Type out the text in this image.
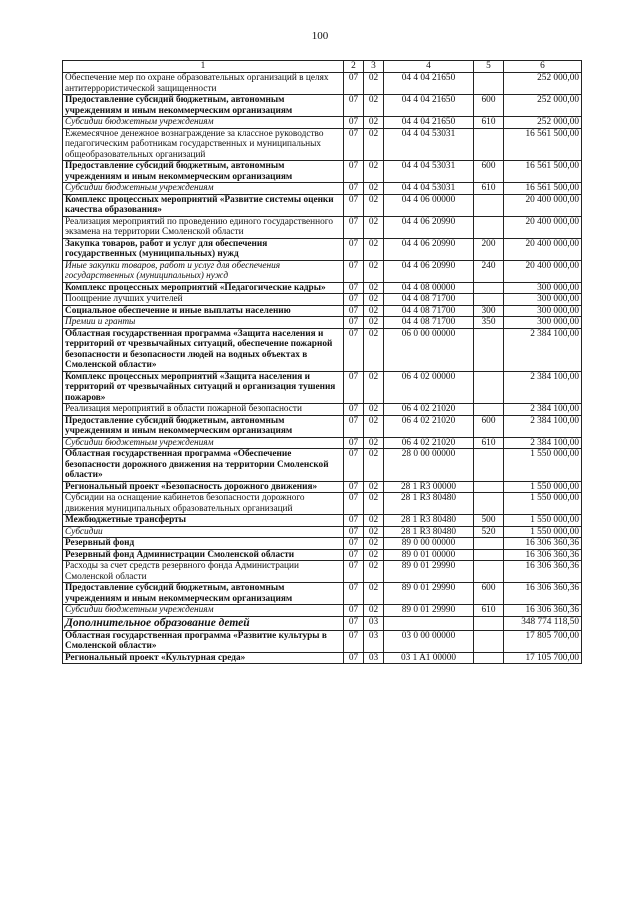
100
1	2	3	4	5	6
Обеспечение мер по охране образовательных организаций в целях антитеррористической защищенности	07	02	04 4 04 21650		252 000,00
Предоставление субсидий бюджетным, автономным учреждениям и иным некоммерческим организациям	07	02	04 4 04 21650	600	252 000,00
Субсидии бюджетным учреждениям	07	02	04 4 04 21650	610	252 000,00
Ежемесячное денежное вознаграждение за классное руководство педагогическим работникам государственных и муниципальных общеобразовательных организаций	07	02	04 4 04 53031		16 561 500,00
Предоставление субсидий бюджетным, автономным учреждениям и иным некоммерческим организациям	07	02	04 4 04 53031	600	16 561 500,00
Субсидии бюджетным учреждениям	07	02	04 4 04 53031	610	16 561 500,00
Комплекс процессных мероприятий «Развитие системы оценки качества образования»	07	02	04 4 06 00000		20 400 000,00
Реализация мероприятий по проведению единого государственного экзамена на территории Смоленской области	07	02	04 4 06 20990		20 400 000,00
Закупка товаров, работ и услуг для обеспечения государственных (муниципальных) нужд	07	02	04 4 06 20990	200	20 400 000,00
Иные закупки товаров, работ и услуг для обеспечения государственных (муниципальных) нужд	07	02	04 4 06 20990	240	20 400 000,00
Комплекс процессных мероприятий «Педагогические кадры»	07	02	04 4 08 00000		300 000,00
Поощрение лучших учителей	07	02	04 4 08 71700		300 000,00
Социальное обеспечение и иные выплаты населению	07	02	04 4 08 71700	300	300 000,00
Премии и гранты	07	02	04 4 08 71700	350	300 000,00
Областная государственная программа «Защита населения и территорий от чрезвычайных ситуаций, обеспечение пожарной безопасности и безопасности людей на водных объектах в Смоленской области»	07	02	06 0 00 00000		2 384 100,00
Комплекс процессных мероприятий «Защита населения и территорий от чрезвычайных ситуаций и организация тушения пожаров»	07	02	06 4 02 00000		2 384 100,00
Реализация мероприятий в области пожарной безопасности	07	02	06 4 02 21020		2 384 100,00
Предоставление субсидий бюджетным, автономным учреждениям и иным некоммерческим организациям	07	02	06 4 02 21020	600	2 384 100,00
Субсидии бюджетным учреждениям	07	02	06 4 02 21020	610	2 384 100,00
Областная государственная программа «Обеспечение безопасности дорожного движения на территории Смоленской области»	07	02	28 0 00 00000		1 550 000,00
Региональный проект «Безопасность дорожного движения»	07	02	28 1 R3 00000		1 550 000,00
Субсидии на оснащение кабинетов безопасности дорожного движения муниципальных образовательных организаций	07	02	28 1 R3 80480		1 550 000,00
Межбюджетные трансферты	07	02	28 1 R3 80480	500	1 550 000,00
Субсидии	07	02	28 1 R3 80480	520	1 550 000,00
Резервный фонд	07	02	89 0 00 00000		16 306 360,36
Резервный фонд Администрации Смоленской области	07	02	89 0 01 00000		16 306 360,36
Расходы за счет средств резервного фонда Администрации Смоленской области	07	02	89 0 01 29990		16 306 360,36
Предоставление субсидий бюджетным, автономным учреждениям и иным некоммерческим организациям	07	02	89 0 01 29990	600	16 306 360,36
Субсидии бюджетным учреждениям	07	02	89 0 01 29990	610	16 306 360,36
Дополнительное образование детей	07	03			348 774 118,50
Областная государственная программа «Развитие культуры в Смоленской области»	07	03	03 0 00 00000		17 805 700,00
Региональный проект «Культурная среда»	07	03	03 1 A1 00000		17 105 700,00
